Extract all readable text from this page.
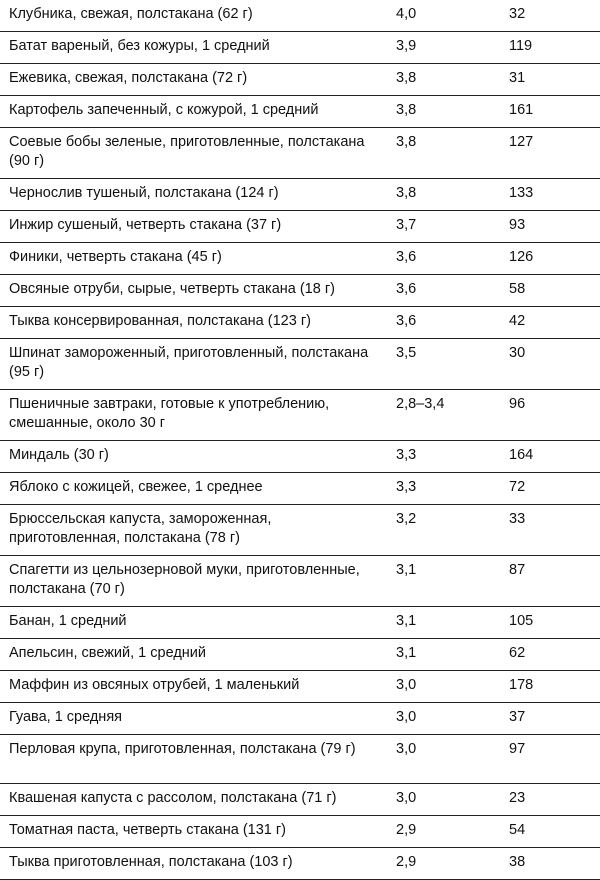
Клубника, свежая, полстакана (62 г)	4,0	32
Батат вареный, без кожуры, 1 средний	3,9	119
Ежевика, свежая, полстакана (72 г)	3,8	31
Картофель запеченный, с кожурой, 1 средний	3,8	161
Соевые бобы зеленые, приготовленные, полстакана (90 г)	3,8	127
Чернослив тушеный, полстакана (124 г)	3,8	133
Инжир сушеный, четверть стакана (37 г)	3,7	93
Финики, четверть стакана (45 г)	3,6	126
Овсяные отруби, сырые, четверть стакана (18 г)	3,6	58
Тыква консервированная, полстакана (123 г)	3,6	42
Шпинат замороженный, приготовленный, полстакана (95 г)	3,5	30
Пшеничные завтраки, готовые к употреблению, смешанные, около 30 г	2,8–3,4	96
Миндаль (30 г)	3,3	164
Яблоко с кожицей, свежее, 1 среднее	3,3	72
Брюссельская капуста, замороженная, приготовленная, полстакана (78 г)	3,2	33
Спагетти из цельнозерновой муки, приготовленные, полстакана (70 г)	3,1	87
Банан, 1 средний	3,1	105
Апельсин, свежий, 1 средний	3,1	62
Маффин из овсяных отрубей, 1 маленький	3,0	178
Гуава, 1 средняя	3,0	37
Перловая крупа, приготовленная, полстакана (79 г)	3,0	97
Квашеная капуста с рассолом, полстакана (71 г)	3,0	23
Томатная паста, четверть стакана (131 г)	2,9	54
Тыква приготовленная, полстакана (103 г)	2,9	38
